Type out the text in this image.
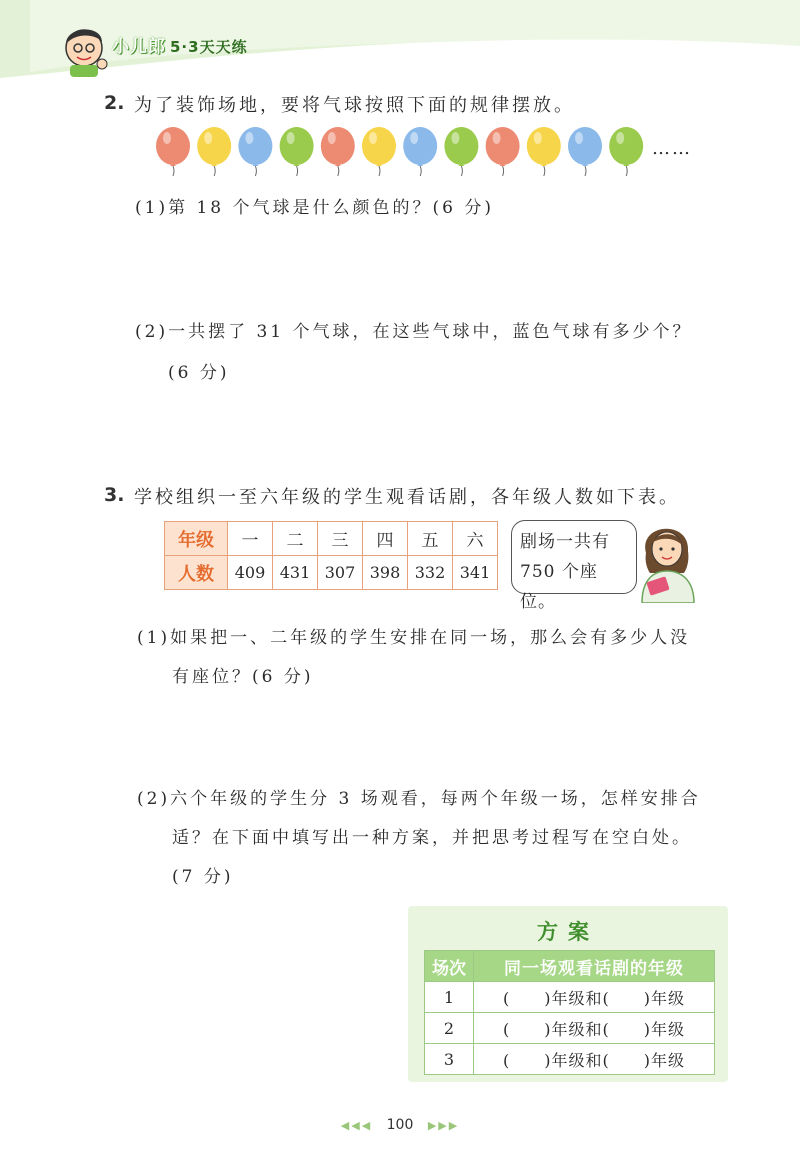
小儿郎 5·3天天练
2. 为了装饰场地，要将气球按照下面的规律摆放。
……
(1)第 18 个气球是什么颜色的？(6 分)
(2)一共摆了 31 个气球，在这些气球中，蓝色气球有多少个？
(6 分)
3. 学校组织一至六年级的学生观看话剧，各年级人数如下表。
年级	一	二	三	四	五	六
人数	409	431	307	398	332	341
剧场一共有
750 个座位。
(1)如果把一、二年级的学生安排在同一场，那么会有多少人没
有座位？(6 分)
(2)六个年级的学生分 3 场观看，每两个年级一场，怎样安排合
适？在下面中填写出一种方案，并把思考过程写在空白处。
(7 分)
方案
场次	同一场观看话剧的年级
1	(　　)年级和(　　)年级
2	(　　)年级和(　　)年级
3	(　　)年级和(　　)年级
◀◀◀ 100 ▶▶▶
